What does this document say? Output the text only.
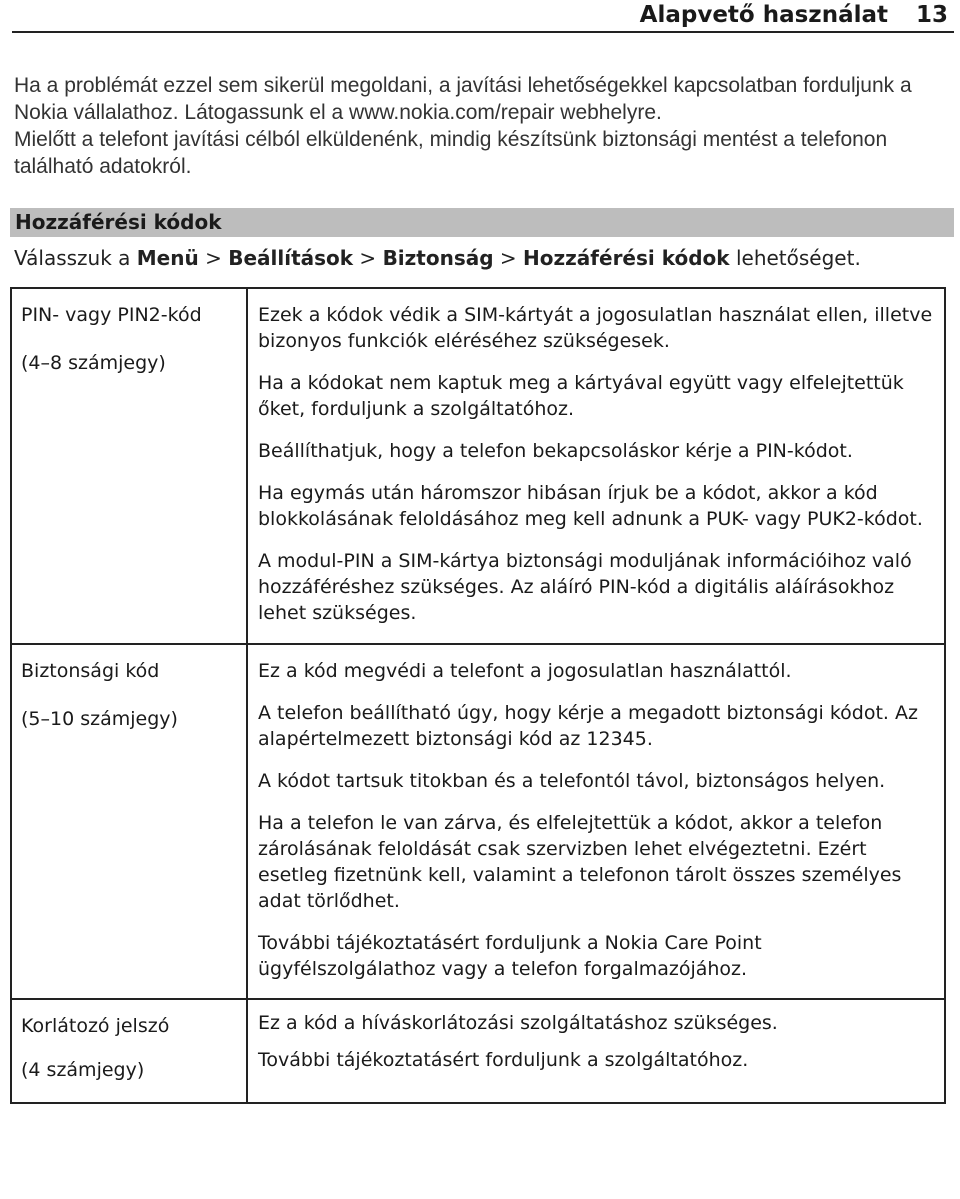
Alapvető használat 13

Ha a problémát ezzel sem sikerül megoldani, a javítási lehetőségekkel kapcsolatban forduljunk a Nokia vállalathoz. Látogassunk el a www.nokia.com/repair webhelyre.

Mielőtt a telefont javítási célból elküldenénk, mindig készítsünk biztonsági mentést a telefonon található adatokról.

Hozzáférési kódok
Válasszuk a Menü > Beállítások > Biztonság > Hozzáférési kódok lehetőséget.

PIN- vagy PIN2-kód

(4–8 számjegy)

Ezek a kódok védik a SIM-kártyát a jogosulatlan használat ellen, illetve bizonyos funkciók eléréséhez szükségesek.

Ha a kódokat nem kaptuk meg a kártyával együtt vagy elfelejtettük őket, forduljunk a szolgáltatóhoz.

Beállíthatjuk, hogy a telefon bekapcsoláskor kérje a PIN-kódot.

Ha egymás után háromszor hibásan írjuk be a kódot, akkor a kód blokkolásának feloldásához meg kell adnunk a PUK- vagy PUK2-kódot.

A modul-PIN a SIM-kártya biztonsági moduljának információihoz való hozzáféréshez szükséges. Az aláíró PIN-kód a digitális aláírásokhoz lehet szükséges.

Biztonsági kód

(5–10 számjegy)

Ez a kód megvédi a telefont a jogosulatlan használattól.

A telefon beállítható úgy, hogy kérje a megadott biztonsági kódot. Az alapértelmezett biztonsági kód az 12345.

A kódot tartsuk titokban és a telefontól távol, biztonságos helyen.

Ha a telefon le van zárva, és elfelejtettük a kódot, akkor a telefon zárolásának feloldását csak szervizben lehet elvégeztetni. Ezért esetleg fizetnünk kell, valamint a telefonon tárolt összes személyes adat törlődhet.

További tájékoztatásért forduljunk a Nokia Care Point ügyfélszolgálathoz vagy a telefon forgalmazójához.

Korlátozó jelszó

(4 számjegy)

Ez a kód a híváskorlátozási szolgáltatáshoz szükséges.

További tájékoztatásért forduljunk a szolgáltatóhoz.
